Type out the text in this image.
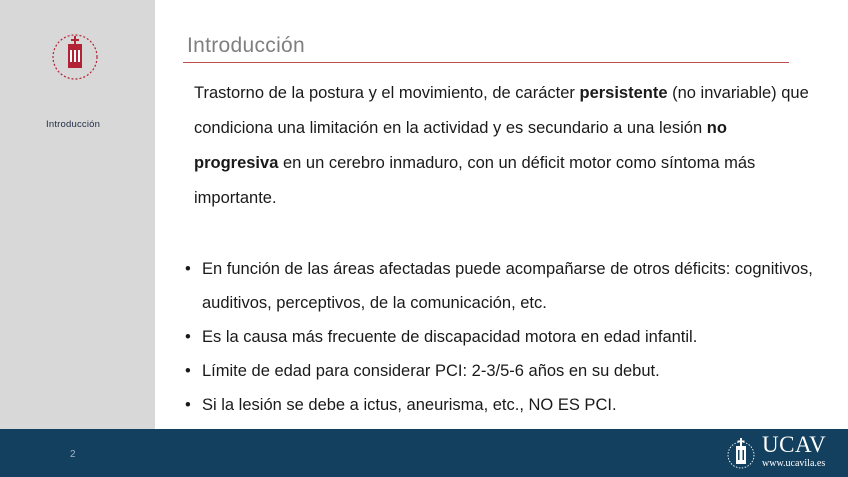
Introducción
Introducción
Trastorno de la postura y el movimiento, de carácter persistente (no invariable) que condiciona una limitación en la actividad y es secundario a una lesión no progresiva en un cerebro inmaduro, con un déficit motor como síntoma más importante.
• En función de las áreas afectadas puede acompañarse de otros déficits: cognitivos, auditivos, perceptivos, de la comunicación, etc.
• Es la causa más frecuente de discapacidad motora en edad infantil.
• Límite de edad para considerar PCI: 2-3/5-6 años en su debut.
• Si la lesión se debe a ictus, aneurisma, etc., NO ES PCI.
2	UCAV
www.ucavila.es
